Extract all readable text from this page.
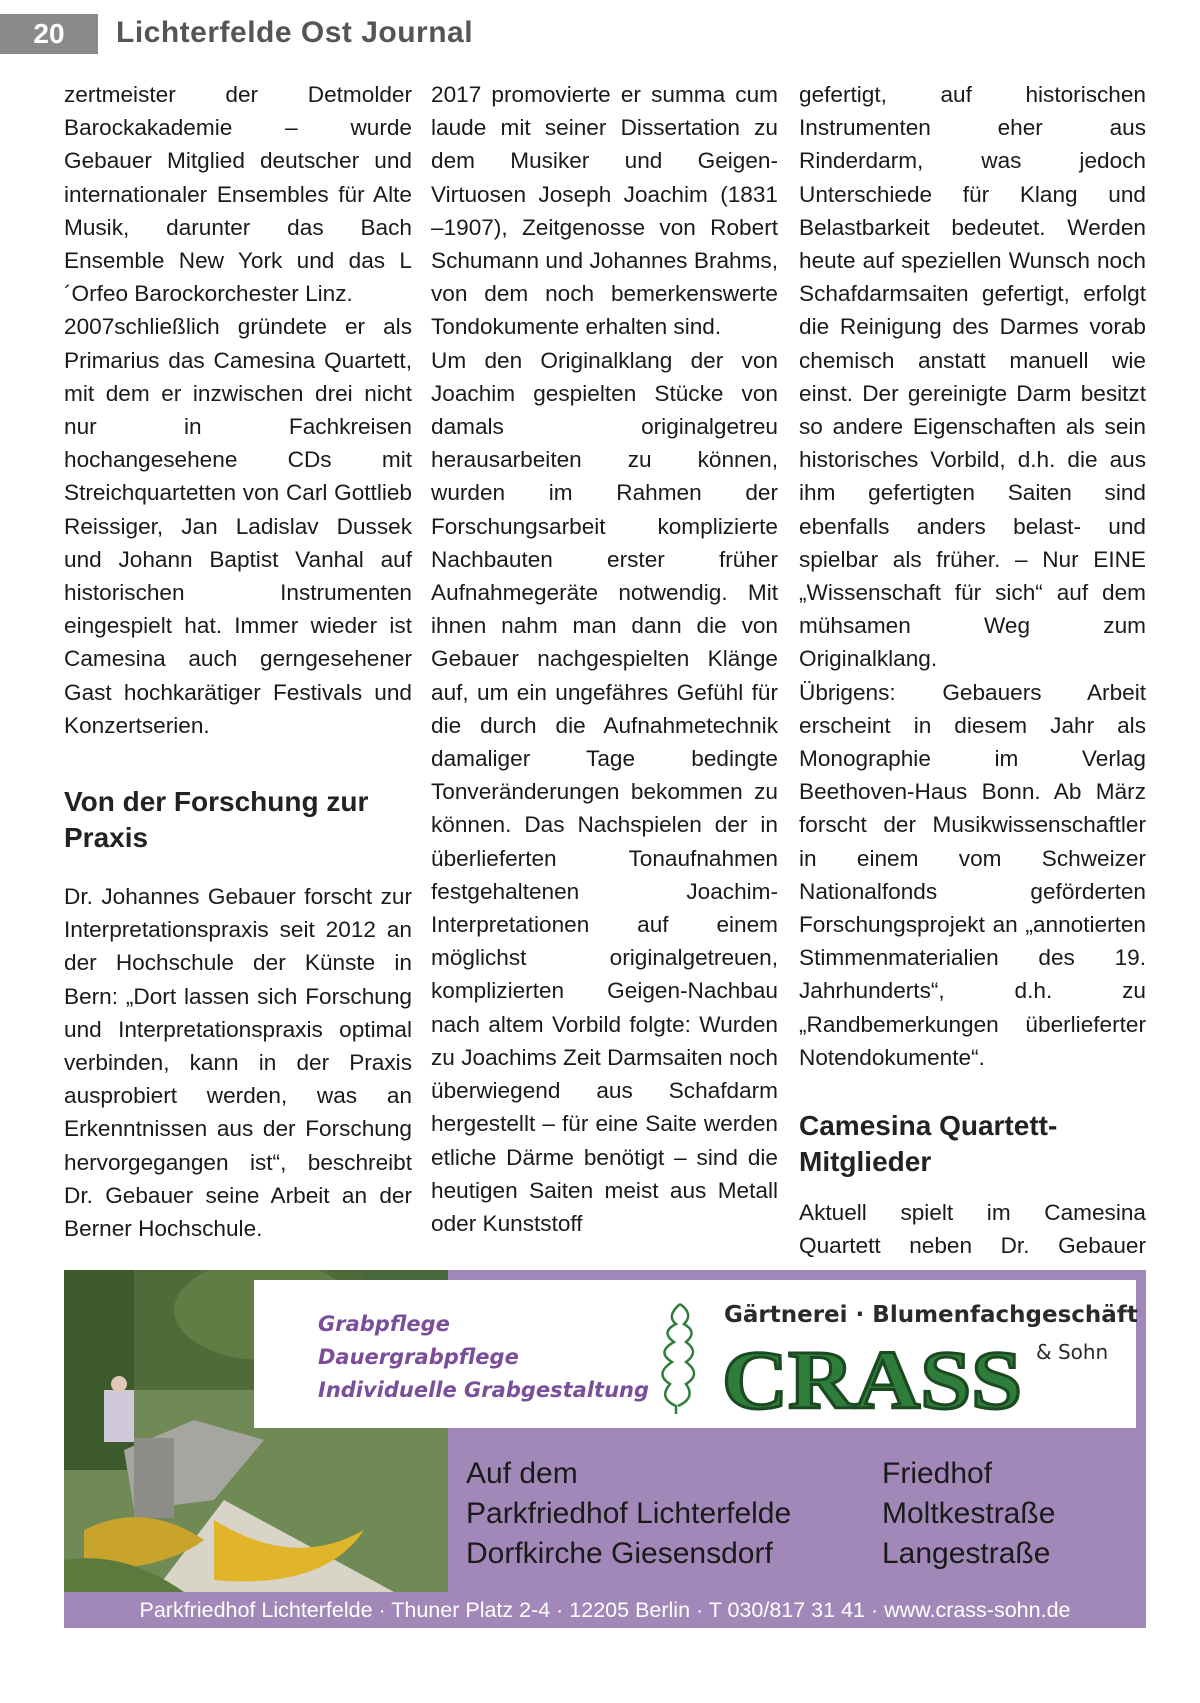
20	Lichterfelde Ost Journal

zertmeister der Detmolder Barockakademie – wurde Gebauer Mitglied deutscher und internationaler Ensembles für Alte Musik, darunter das Bach Ensemble New York und das L´Orfeo Barockorchester Linz.

2007schließlich gründete er als Primarius das Camesina Quartett, mit dem er inzwischen drei nicht nur in Fachkreisen hochangesehene CDs mit Streichquartetten von Carl Gottlieb Reissiger, Jan Ladislav Dussek und Johann Baptist Vanhal auf historischen Instrumenten eingespielt hat. Immer wieder ist Camesina auch gerngesehener Gast hochkarätiger Festivals und Konzertserien.

Von der Forschung zur Praxis

Dr. Johannes Gebauer forscht zur Interpretationspraxis seit 2012 an der Hochschule der Künste in Bern: „Dort lassen sich Forschung und Interpretationspraxis optimal verbinden, kann in der Praxis ausprobiert werden, was an Erkenntnissen aus der Forschung hervorgegangen ist“, beschreibt Dr. Gebauer seine Arbeit an der Berner Hochschule.

2017 promovierte er summa cum laude mit seiner Dissertation zu dem Musiker und Geigen-Virtuosen Joseph Joachim (1831 –1907), Zeitgenosse von Robert Schumann und Johannes Brahms, von dem noch bemerkenswerte Tondokumente erhalten sind.

Um den Originalklang der von Joachim gespielten Stücke von damals originalgetreu herausarbeiten zu können, wurden im Rahmen der Forschungsarbeit komplizierte Nachbauten erster früher Aufnahmegeräte notwendig. Mit ihnen nahm man dann die von Gebauer nachgespielten Klänge auf, um ein ungefähres Gefühl für die durch die Aufnahmetechnik damaliger Tage bedingte Tonveränderungen bekommen zu können. Das Nachspielen der in überlieferten Tonaufnahmen festgehaltenen Joachim-Interpretationen auf einem möglichst originalgetreuen, komplizierten Geigen-Nachbau nach altem Vorbild folgte: Wurden zu Joachims Zeit Darmsaiten noch überwiegend aus Schafdarm hergestellt – für eine Saite werden etliche Därme benötigt – sind die heutigen Saiten meist aus Metall oder Kunststoff

gefertigt, auf historischen Instrumenten eher aus Rinderdarm, was jedoch Unterschiede für Klang und Belastbarkeit bedeutet. Werden heute auf speziellen Wunsch noch Schafdarmsaiten gefertigt, erfolgt die Reinigung des Darmes vorab chemisch anstatt manuell wie einst. Der gereinigte Darm besitzt so andere Eigenschaften als sein historisches Vorbild, d.h. die aus ihm gefertigten Saiten sind ebenfalls anders belast- und spielbar als früher. – Nur EINE „Wissenschaft für sich“ auf dem mühsamen Weg zum Originalklang.

Übrigens: Gebauers Arbeit erscheint in diesem Jahr als Monographie im Verlag Beethoven-Haus Bonn. Ab März forscht der Musikwissenschaftler in einem vom Schweizer Nationalfonds geförderten Forschungsprojekt an „annotierten Stimmenmaterialien des 19. Jahrhunderts“, d.h. zu „Randbemerkungen überlieferter Notendokumente“.

Camesina Quartett-Mitglieder

Aktuell spielt im Camesina Quartett neben Dr. Gebauer

Grabpflege
Dauergrabpflege
Individuelle Grabgestaltung
Gärtnerei · Blumenfachgeschäft
CRASS & Sohn
Auf dem
Parkfriedhof Lichterfelde
Dorfkirche Giesensdorf
Friedhof
Moltkestraße
Langestraße
Parkfriedhof Lichterfelde · Thuner Platz 2-4 · 12205 Berlin · T 030/817 31 41 · www.crass-sohn.de
